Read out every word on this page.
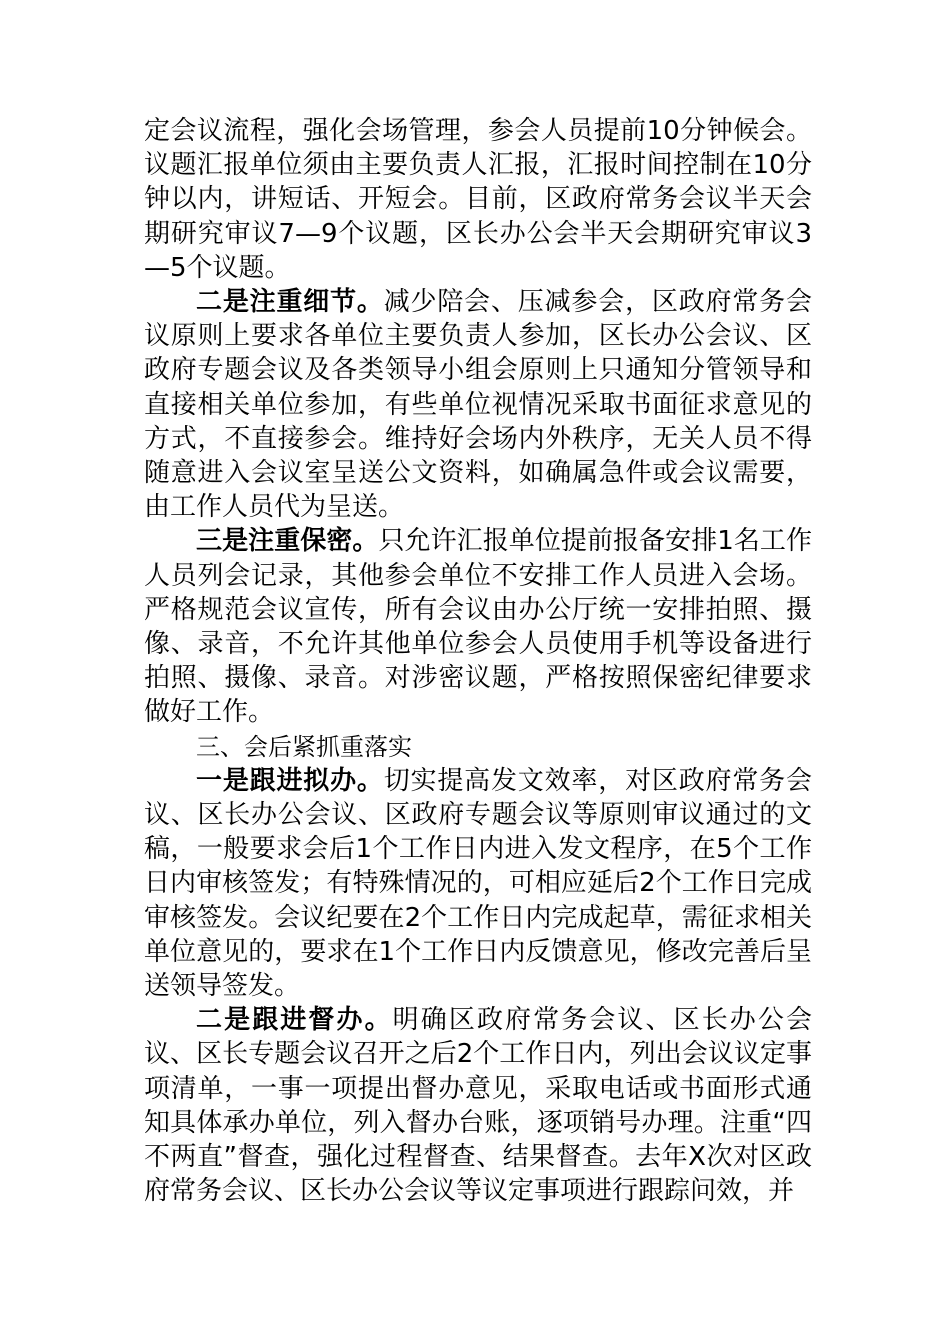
定会议流程，强化会场管理，参会人员提前10分钟候会。议题汇报单位须由主要负责人汇报，汇报时间控制在10分钟以内，讲短话、开短会。目前，区政府常务会议半天会期研究审议7—9个议题，区长办公会半天会期研究审议3—5个议题。

二是注重细节。减少陪会、压减参会，区政府常务会议原则上要求各单位主要负责人参加，区长办公会议、区政府专题会议及各类领导小组会原则上只通知分管领导和直接相关单位参加，有些单位视情况采取书面征求意见的方式，不直接参会。维持好会场内外秩序，无关人员不得随意进入会议室呈送公文资料，如确属急件或会议需要，由工作人员代为呈送。

三是注重保密。只允许汇报单位提前报备安排1名工作人员列会记录，其他参会单位不安排工作人员进入会场。严格规范会议宣传，所有会议由办公厅统一安排拍照、摄像、录音，不允许其他单位参会人员使用手机等设备进行拍照、摄像、录音。对涉密议题，严格按照保密纪律要求做好工作。

三、会后紧抓重落实

一是跟进拟办。切实提高发文效率，对区政府常务会议、区长办公会议、区政府专题会议等原则审议通过的文稿，一般要求会后1个工作日内进入发文程序，在5个工作日内审核签发；有特殊情况的，可相应延后2个工作日完成审核签发。会议纪要在2个工作日内完成起草，需征求相关单位意见的，要求在1个工作日内反馈意见，修改完善后呈送领导签发。

二是跟进督办。明确区政府常务会议、区长办公会议、区长专题会议召开之后2个工作日内，列出会议议定事项清单，一事一项提出督办意见，采取电话或书面形式通知具体承办单位，列入督办台账，逐项销号办理。注重“四不两直”督查，强化过程督查、结果督查。去年X次对区政府常务会议、区长办公会议等议定事项进行跟踪问效，并
